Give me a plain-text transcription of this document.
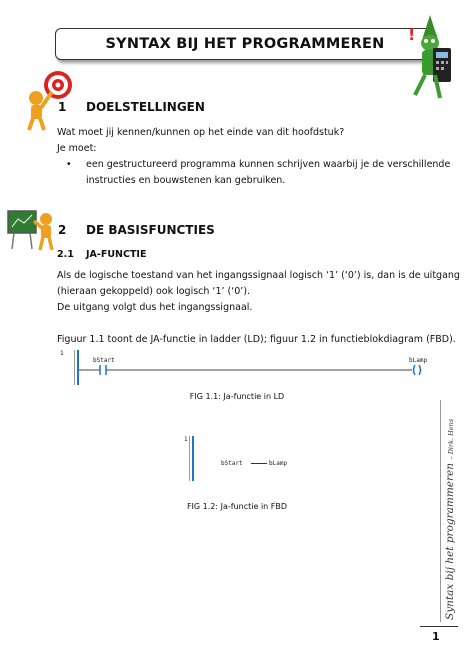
SYNTAX BIJ HET PROGRAMMEREN	!
1 DOELSTELLINGEN
Wat moet jij kennen/kunnen op het einde van dit hoofdstuk?
Je moet:
• een gestructureerd programma kunnen schrijven waarbij je de verschillende
instructies en bouwstenen kan gebruiken.
2 DE BASISFUNCTIES
2.1 JA-FUNCTIE
Als de logische toestand van het ingangssignaal logisch ‘1’ (‘0’) is, dan is de uitgang
(hieraan gekoppeld) ook logisch ‘1’ (‘0’).
De uitgang volgt dus het ingangssignaal.
Figuur 1.1 toont de JA-functie in ladder (LD); figuur 1.2 in functieblokdiagram (FBD).
1
bStart	bLamp
FIG 1.1: Ja-functie in LD
1
bStart	bLamp
FIG 1.2: Ja-functie in FBD	Syntax bij het programmeren – Dirk. Hens
1
